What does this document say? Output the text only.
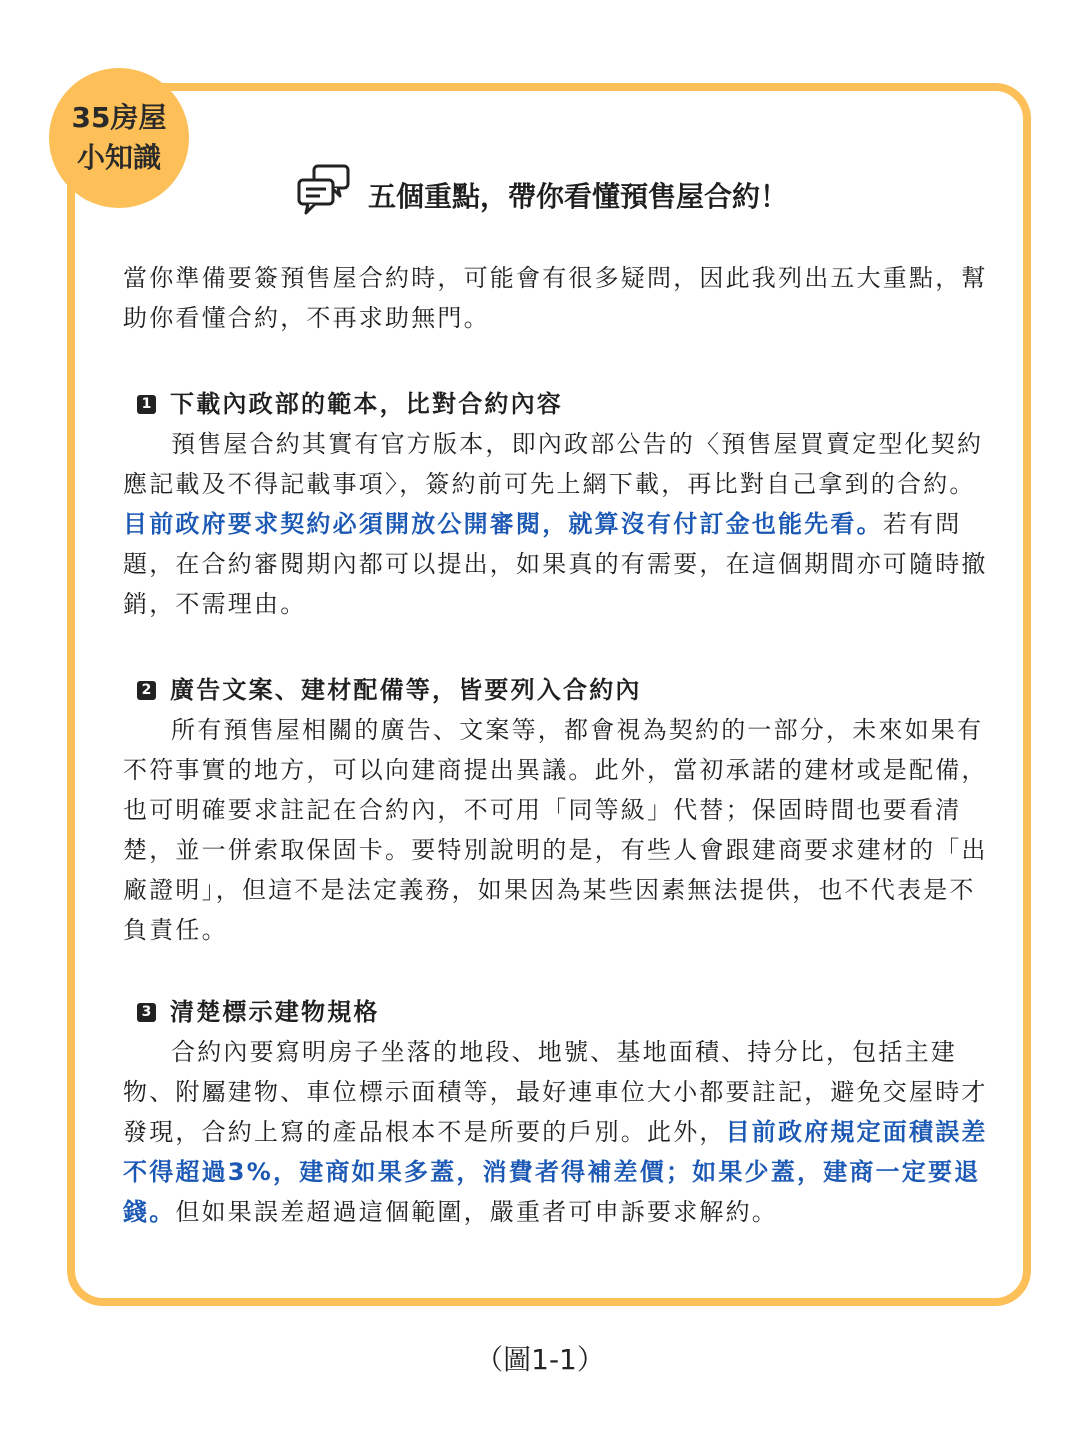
35房屋
小知識
五個重點，帶你看懂預售屋合約！

當你準備要簽預售屋合約時，可能會有很多疑問，因此我列出五大重點，幫助你看懂合約，不再求助無門。

1 下載內政部的範本，比對合約內容

預售屋合約其實有官方版本，即內政部公告的〈預售屋買賣定型化契約應記載及不得記載事項〉，簽約前可先上網下載，再比對自己拿到的合約。目前政府要求契約必須開放公開審閱，就算沒有付訂金也能先看。若有問題，在合約審閱期內都可以提出，如果真的有需要，在這個期間亦可隨時撤銷，不需理由。

2 廣告文案、建材配備等，皆要列入合約內

所有預售屋相關的廣告、文案等，都會視為契約的一部分，未來如果有不符事實的地方，可以向建商提出異議。此外，當初承諾的建材或是配備，也可明確要求註記在合約內，不可用「同等級」代替；保固時間也要看清楚，並一併索取保固卡。要特別說明的是，有些人會跟建商要求建材的「出廠證明」，但這不是法定義務，如果因為某些因素無法提供，也不代表是不負責任。

3 清楚標示建物規格

合約內要寫明房子坐落的地段、地號、基地面積、持分比，包括主建物、附屬建物、車位標示面積等，最好連車位大小都要註記，避免交屋時才發現，合約上寫的產品根本不是所要的戶別。此外，目前政府規定面積誤差不得超過3%，建商如果多蓋，消費者得補差價；如果少蓋，建商一定要退錢。但如果誤差超過這個範圍，嚴重者可申訴要求解約。

（圖1-1）
